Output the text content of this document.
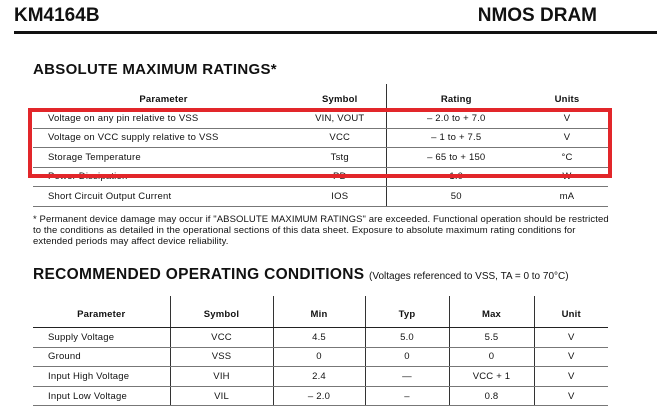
KM4164B	NMOS DRAM
ABSOLUTE MAXIMUM RATINGS*
Parameter	Symbol	Rating	Units
Voltage on any pin relative to VSS	VIN, VOUT	– 2.0 to + 7.0	V
Voltage on VCC supply relative to VSS	VCC	– 1 to + 7.5	V
Storage Temperature	Tstg	– 65 to + 150	°C
Power Dissipation	PD	1.0	W
Short Circuit Output Current	IOS	50	mA
* Permanent device damage may occur if "ABSOLUTE MAXIMUM RATINGS" are exceeded. Functional operation should be restricted to the conditions as detailed in the operational sections of this data sheet. Exposure to absolute maximum rating conditions for extended periods may affect device reliability.
RECOMMENDED OPERATING CONDITIONS (Voltages referenced to VSS, TA = 0 to 70°C)
Parameter	Symbol	Min	Typ	Max	Unit
Supply Voltage	VCC	4.5	5.0	5.5	V
Ground	VSS	0	0	0	V
Input High Voltage	VIH	2.4	—	VCC + 1	V
Input Low Voltage	VIL	– 2.0	–	0.8	V
